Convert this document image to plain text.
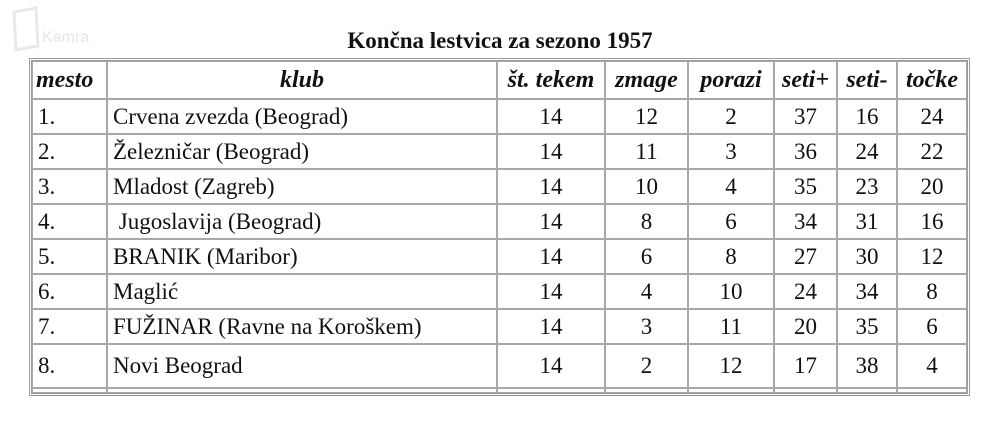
Kamra	Končna lestvica za sezono 1957
mesto	klub	št. tekem	zmage	porazi	seti+	seti-	točke
1.	Crvena zvezda (Beograd)	14	12	2	37	16	24
2.	Železničar (Beograd)	14	11	3	36	24	22
3.	Mladost (Zagreb)	14	10	4	35	23	20
4.	Jugoslavija (Beograd)	14	8	6	34	31	16
5.	BRANIK (Maribor)	14	6	8	27	30	12
6.	Maglić	14	4	10	24	34	8
7.	FUŽINAR (Ravne na Koroškem)	14	3	11	20	35	6
8.	Novi Beograd	14	2	12	17	38	4
